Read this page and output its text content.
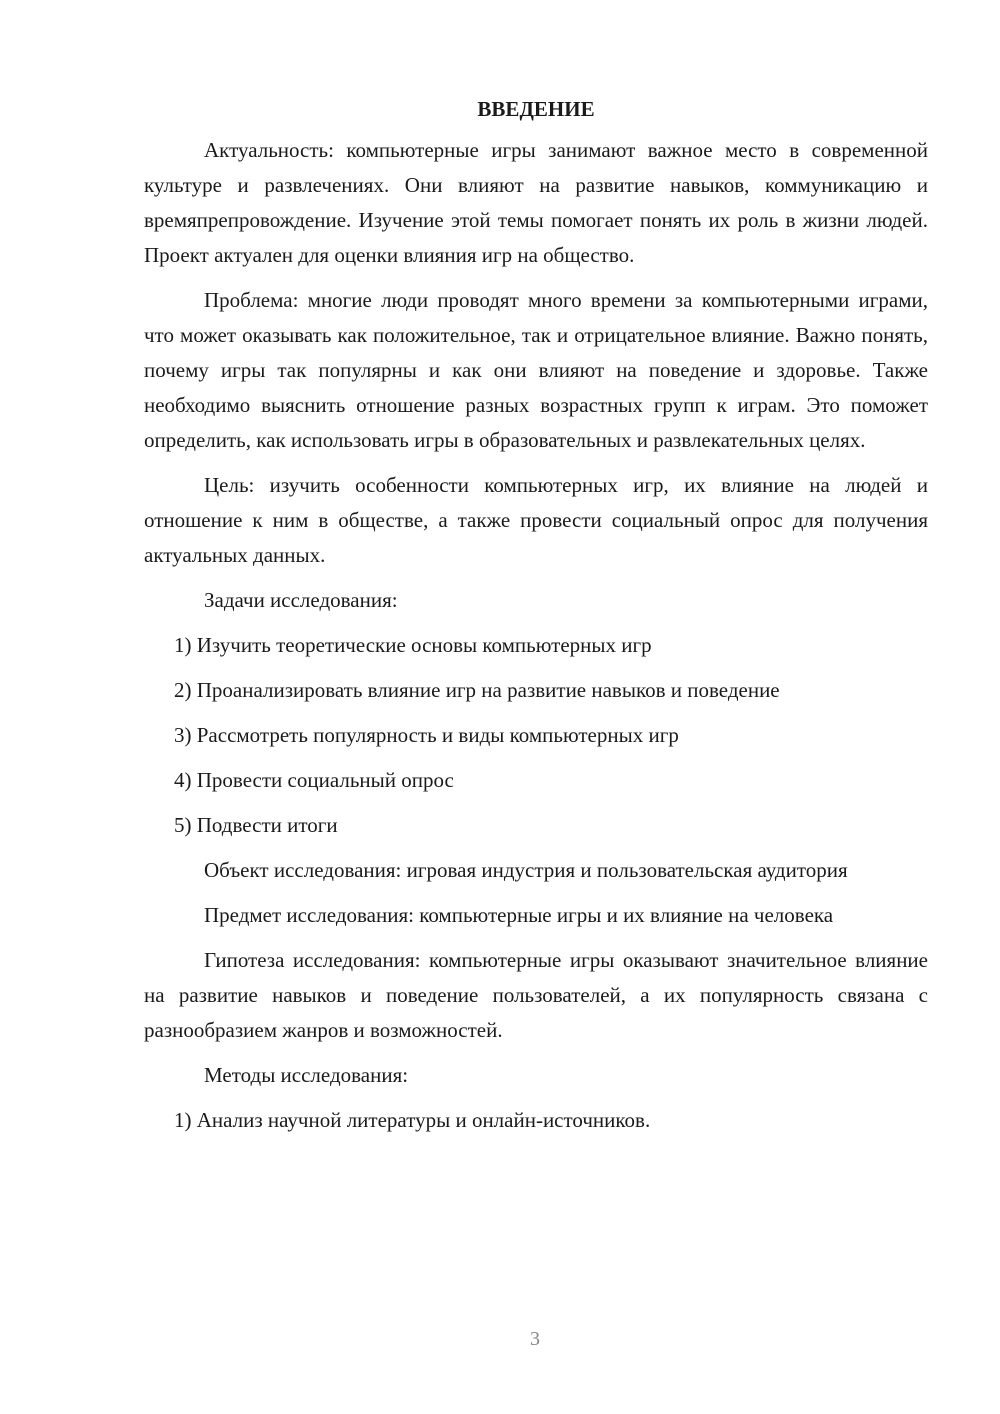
ВВЕДЕНИЕ

Актуальность: компьютерные игры занимают важное место в современной культуре и развлечениях. Они влияют на развитие навыков, коммуникацию и времяпрепровождение. Изучение этой темы помогает понять их роль в жизни людей. Проект актуален для оценки влияния игр на общество.

Проблема: многие люди проводят много времени за компьютерными играми, что может оказывать как положительное, так и отрицательное влияние. Важно понять, почему игры так популярны и как они влияют на поведение и здоровье. Также необходимо выяснить отношение разных возрастных групп к играм. Это поможет определить, как использовать игры в образовательных и развлекательных целях.

Цель: изучить особенности компьютерных игр, их влияние на людей и отношение к ним в обществе, а также провести социальный опрос для получения актуальных данных.

Задачи исследования:
1) Изучить теоретические основы компьютерных игр
2) Проанализировать влияние игр на развитие навыков и поведение
3) Рассмотреть популярность и виды компьютерных игр
4) Провести социальный опрос
5) Подвести итоги

Объект исследования: игровая индустрия и пользовательская аудитория

Предмет исследования: компьютерные игры и их влияние на человека

Гипотеза исследования: компьютерные игры оказывают значительное влияние на развитие навыков и поведение пользователей, а их популярность связана с разнообразием жанров и возможностей.

Методы исследования:
1) Анализ научной литературы и онлайн-источников.
3
